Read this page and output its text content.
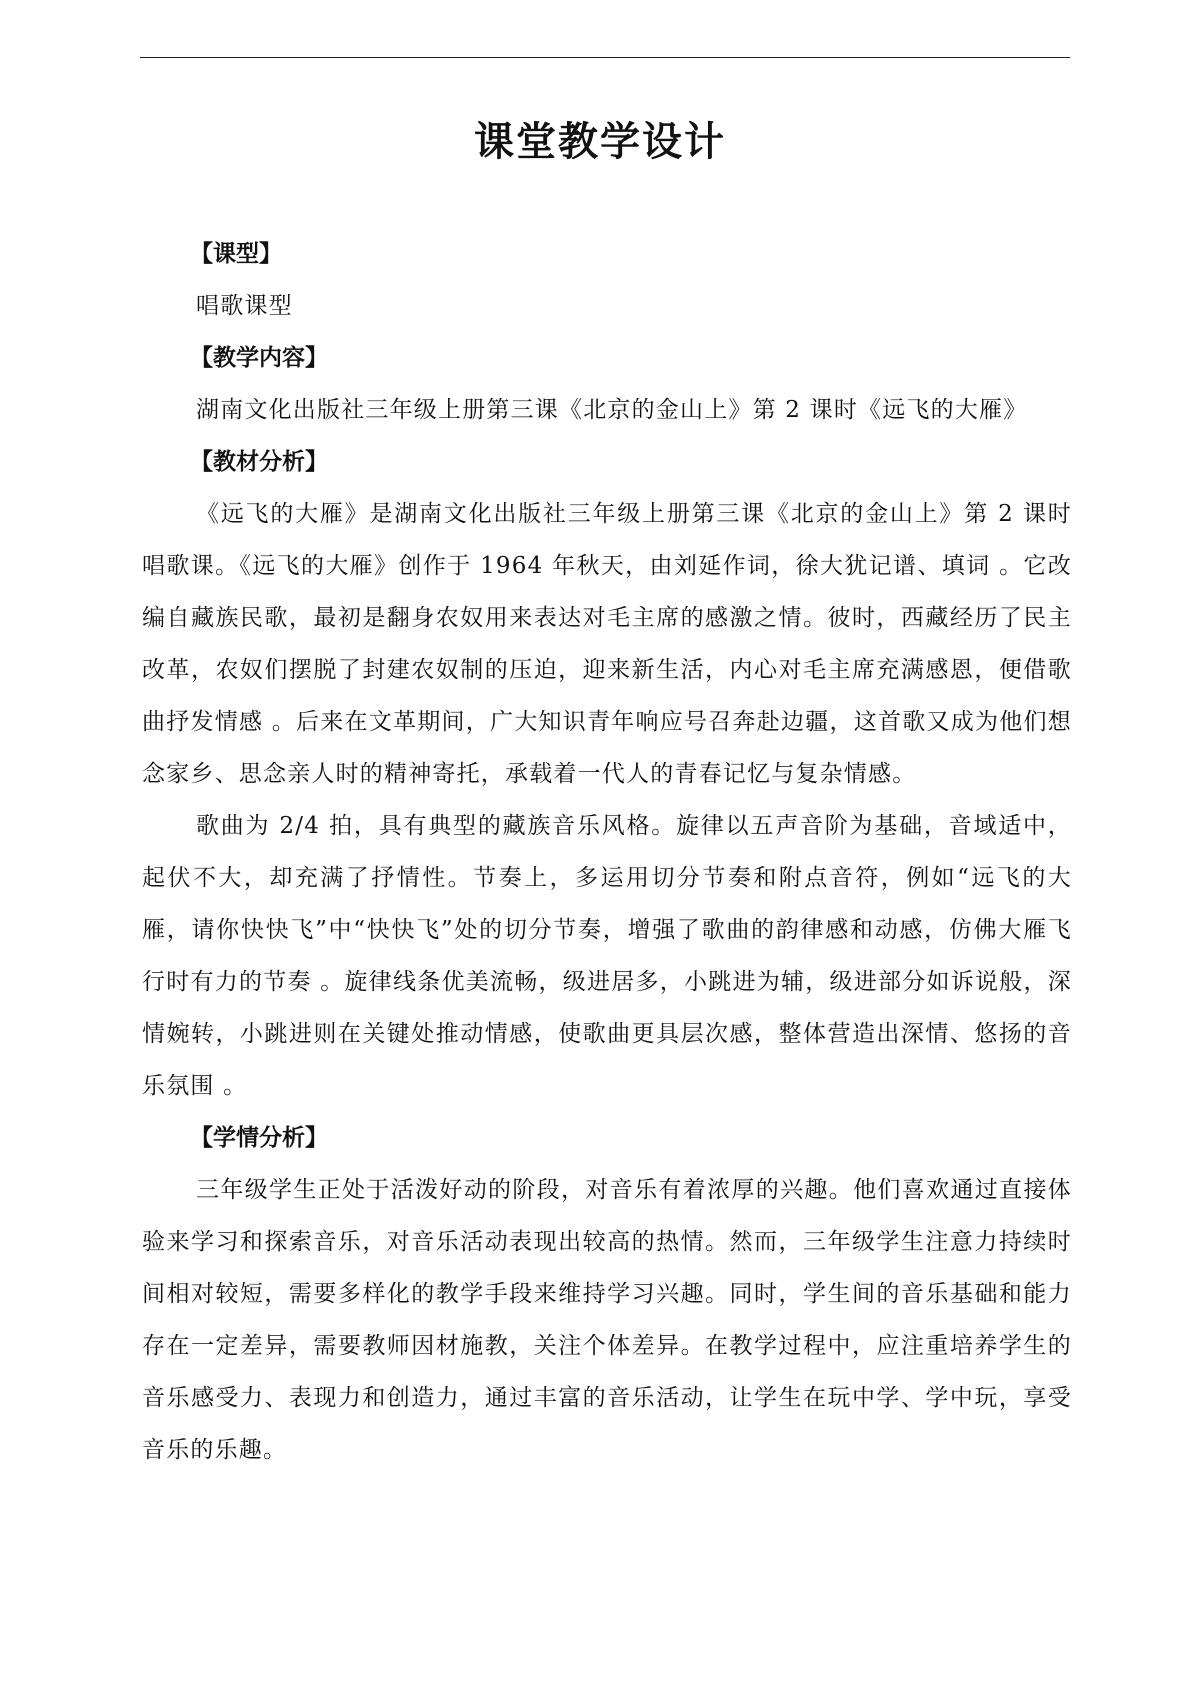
课堂教学设计
【课型】

唱歌课型

【教学内容】

湖南文化出版社三年级上册第三课《北京的金山上》第 2 课时《远飞的大雁》

【教材分析】

《远飞的大雁》是湖南文化出版社三年级上册第三课《北京的金山上》第 2 课时唱歌课。《远飞的大雁》创作于 1964 年秋天，由刘延作词，徐大犹记谱、填词 。它改编自藏族民歌，最初是翻身农奴用来表达对毛主席的感激之情。彼时，西藏经历了民主改革，农奴们摆脱了封建农奴制的压迫，迎来新生活，内心对毛主席充满感恩，便借歌曲抒发情感 。后来在文革期间，广大知识青年响应号召奔赴边疆，这首歌又成为他们想念家乡、思念亲人时的精神寄托，承载着一代人的青春记忆与复杂情感。

歌曲为 2/4 拍，具有典型的藏族音乐风格。旋律以五声音阶为基础，音域适中，起伏不大，却充满了抒情性。节奏上，多运用切分节奏和附点音符，例如“远飞的大雁，请你快快飞”中“快快飞”处的切分节奏，增强了歌曲的韵律感和动感，仿佛大雁飞行时有力的节奏 。旋律线条优美流畅，级进居多，小跳进为辅，级进部分如诉说般，深情婉转，小跳进则在关键处推动情感，使歌曲更具层次感，整体营造出深情、悠扬的音乐氛围 。

【学情分析】

三年级学生正处于活泼好动的阶段，对音乐有着浓厚的兴趣。他们喜欢通过直接体验来学习和探索音乐，对音乐活动表现出较高的热情。然而，三年级学生注意力持续时间相对较短，需要多样化的教学手段来维持学习兴趣。同时，学生间的音乐基础和能力存在一定差异，需要教师因材施教，关注个体差异。在教学过程中，应注重培养学生的音乐感受力、表现力和创造力，通过丰富的音乐活动，让学生在玩中学、学中玩，享受音乐的乐趣。
